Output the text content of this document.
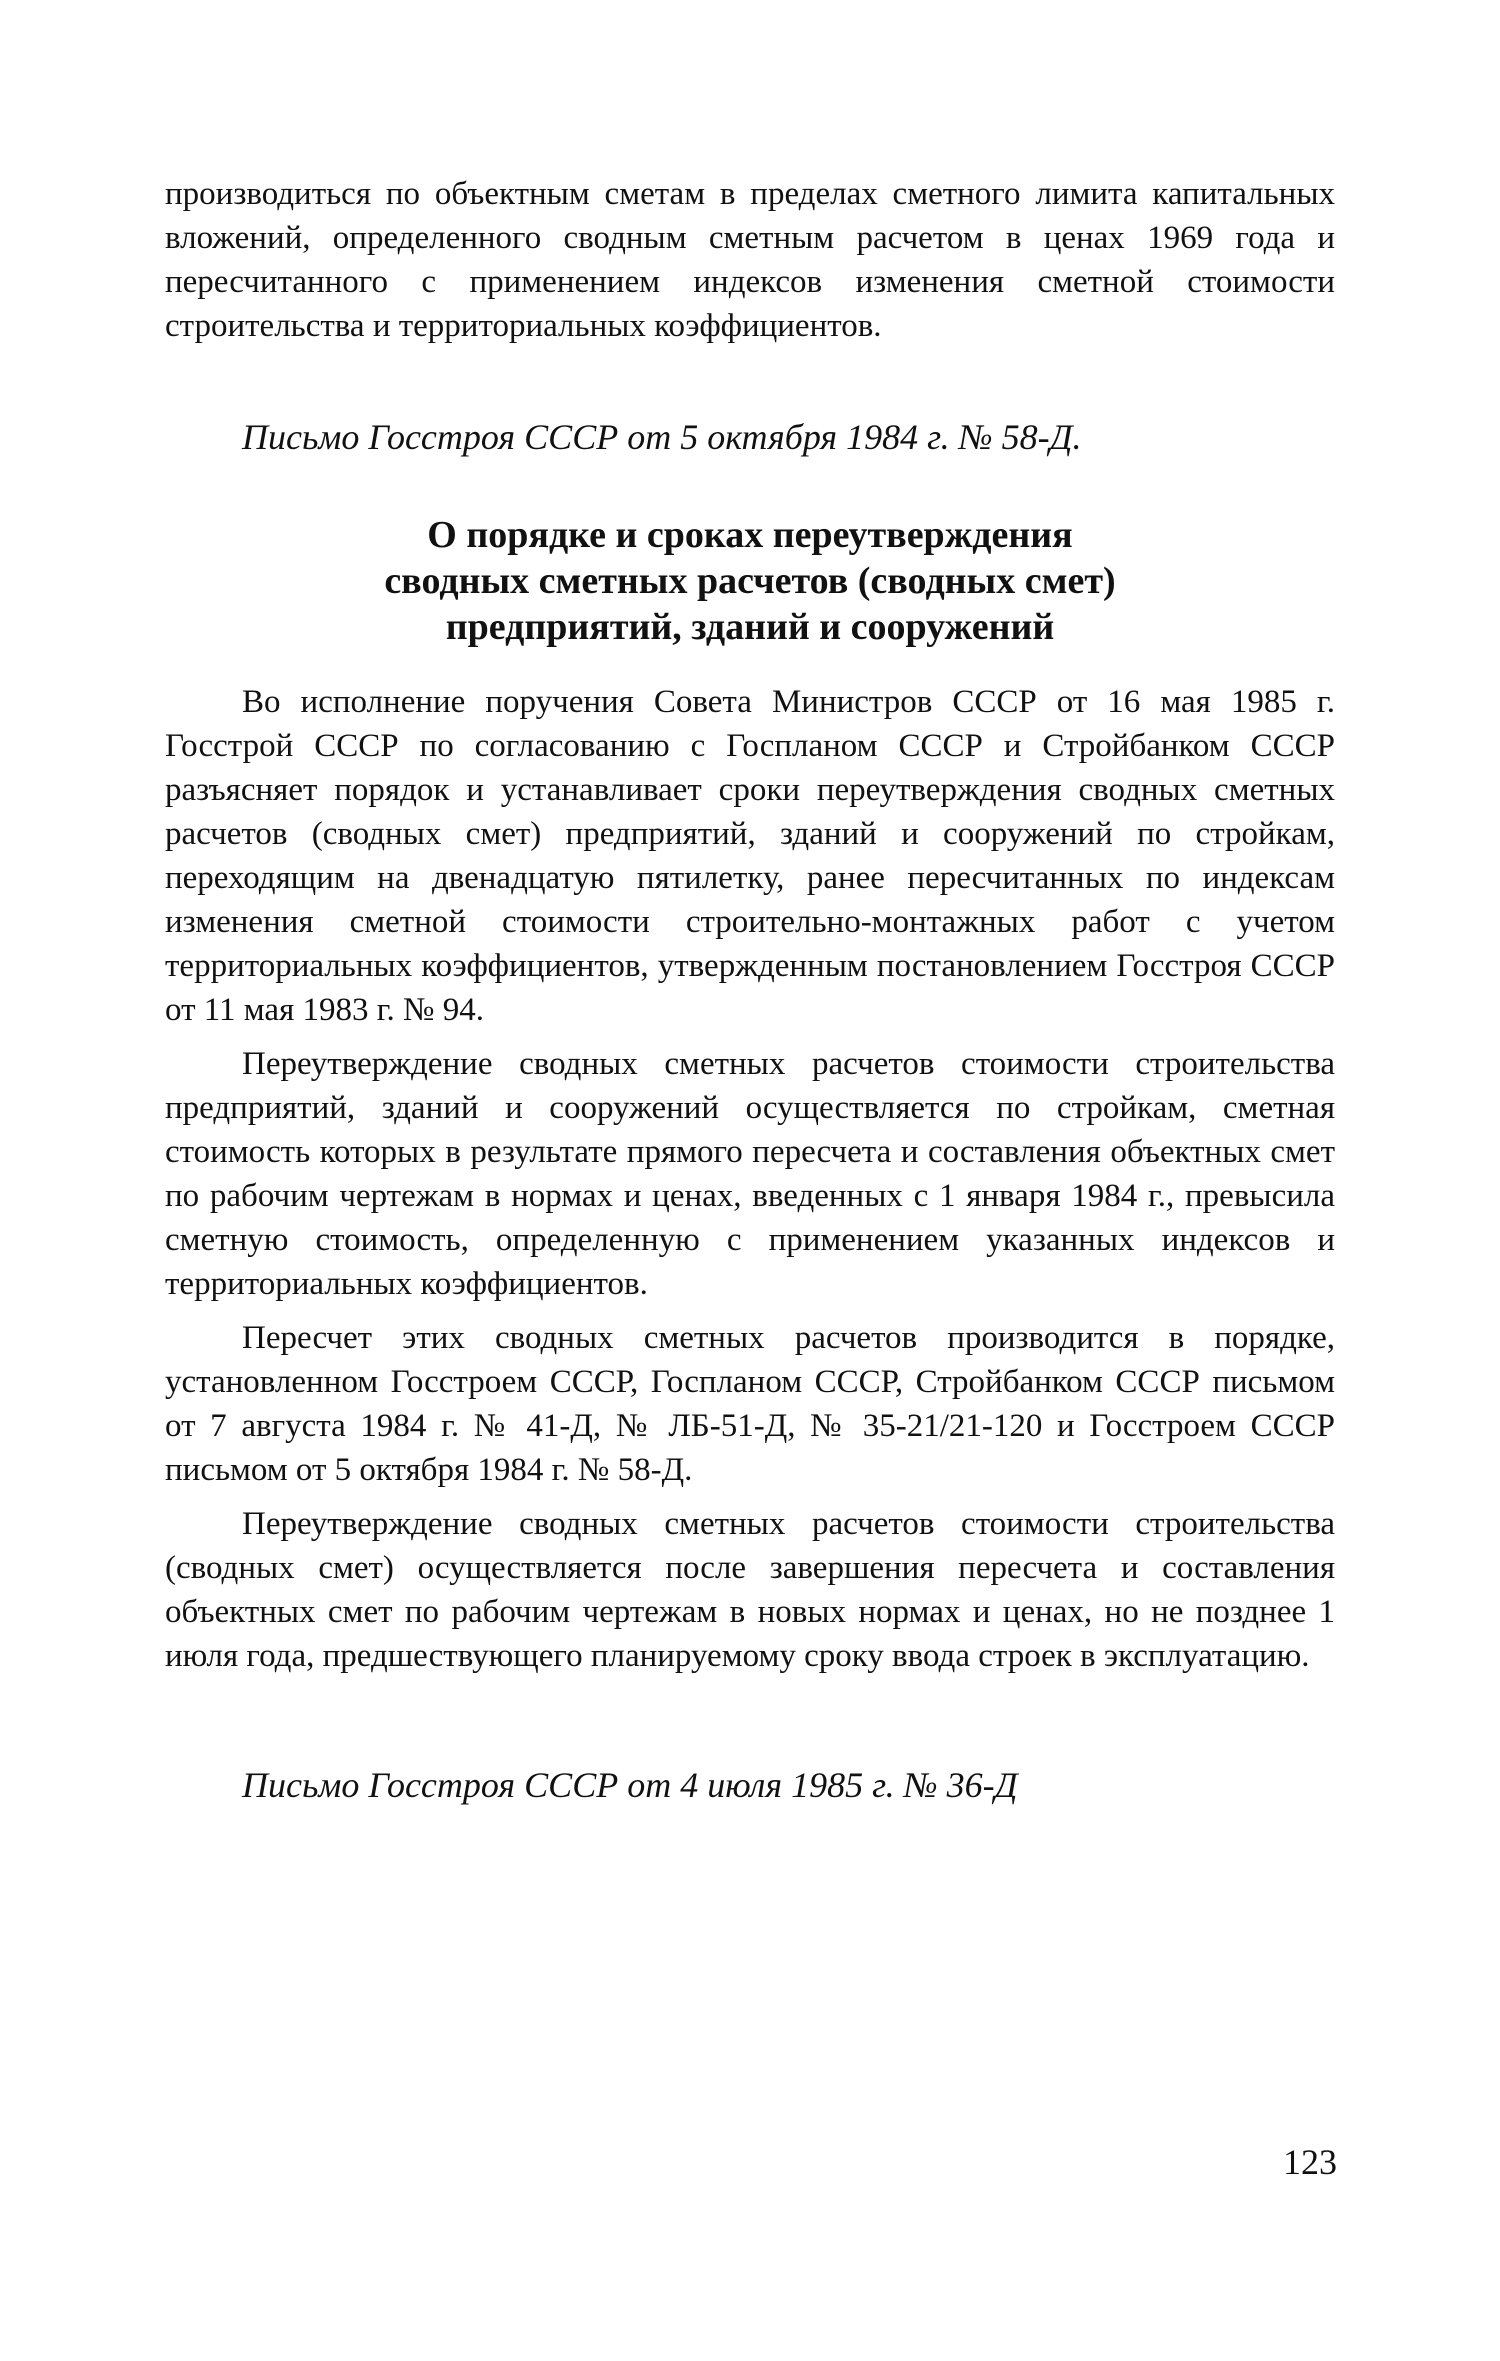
производиться по объектным сметам в пределах сметного лимита капитальных вложений, определенного сводным сметным расчетом в ценах 1969 года и пересчитанного с применением индексов изменения сметной стоимости строительства и территориальных коэффициентов.

Письмо Госстроя СССР от 5 октября 1984 г. № 58-Д.

О порядке и сроках переутверждения
сводных сметных расчетов (сводных смет)
предприятий, зданий и сооружений

Во исполнение поручения Совета Министров СССР от 16 мая 1985 г. Госстрой СССР по согласованию с Госпланом СССР и Стройбанком СССР разъясняет порядок и устанавливает сроки переутверждения сводных сметных расчетов (сводных смет) предприятий, зданий и сооружений по стройкам, переходящим на двенадцатую пятилетку, ранее пересчитанных по индексам изменения сметной стоимости строительно-монтажных работ с учетом территориальных коэффициентов, утвержденным постановлением Госстроя СССР от 11 мая 1983 г. № 94.

Переутверждение сводных сметных расчетов стоимости строительства предприятий, зданий и сооружений осуществляется по стройкам, сметная стоимость которых в результате прямого пересчета и составления объектных смет по рабочим чертежам в нормах и ценах, введенных с 1 января 1984 г., превысила сметную стоимость, определенную с применением указанных индексов и территориальных коэффициентов.

Пересчет этих сводных сметных расчетов производится в порядке, установленном Госстроем СССР, Госпланом СССР, Стройбанком СССР письмом от 7 августа 1984 г. № 41-Д, № ЛБ-51-Д, № 35-21/21-120 и Госстроем СССР письмом от 5 октября 1984 г. № 58-Д.

Переутверждение сводных сметных расчетов стоимости строительства (сводных смет) осуществляется после завершения пересчета и составления объектных смет по рабочим чертежам в новых нормах и ценах, но не позднее 1 июля года, предшествующего планируемому сроку ввода строек в эксплуатацию.

Письмо Госстроя СССР от 4 июля 1985 г. № 36-Д

123
